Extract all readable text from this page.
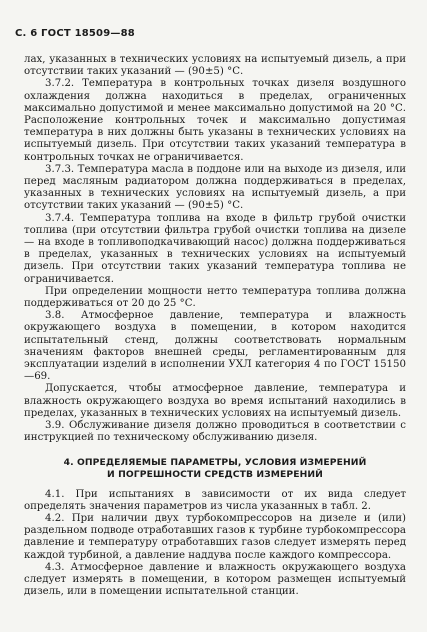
С. 6 ГОСТ 18509—88

лах, указанных в технических условиях на испытуемый дизель, а при отсутствии таких указаний — (90±5) °С.

3.7.2. Температура в контрольных точках дизеля воздушного охлаждения должна находиться в пределах, ограниченных максимально допустимой и менее максимально допустимой на 20 °С. Расположение контрольных точек и максимально допустимая температура в них должны быть указаны в технических условиях на испытуемый дизель. При отсутствии таких указаний температура в контрольных точках не ограничивается.

3.7.3. Температура масла в поддоне или на выходе из дизеля, или перед масляным радиатором должна поддерживаться в пределах, указанных в технических условиях на испытуемый дизель, а при отсутствии таких указаний — (90±5) °С.

3.7.4. Температура топлива на входе в фильтр грубой очистки топлива (при отсутствии фильтра грубой очистки топлива на дизеле — на входе в топливоподкачивающий насос) должна поддерживаться в пределах, указанных в технических условиях на испытуемый дизель. При отсутствии таких указаний температура топлива не ограничивается.

При определении мощности нетто температура топлива должна поддерживаться от 20 до 25 °С.

3.8. Атмосферное давление, температура и влажность окружающего воздуха в помещении, в котором находится испытательный стенд, должны соответствовать нормальным значениям факторов внешней среды, регламентированным для эксплуатации изделий в исполнении УХЛ категория 4 по ГОСТ 15150—69.

Допускается, чтобы атмосферное давление, температура и влажность окружающего воздуха во время испытаний находились в пределах, указанных в технических условиях на испытуемый дизель.

3.9. Обслуживание дизеля должно проводиться в соответствии с инструкцией по техническому обслуживанию дизеля.

4. ОПРЕДЕЛЯЕМЫЕ ПАРАМЕТРЫ, УСЛОВИЯ ИЗМЕРЕНИЙ
И ПОГРЕШНОСТИ СРЕДСТВ ИЗМЕРЕНИЙ

4.1. При испытаниях в зависимости от их вида следует определять значения параметров из числа указанных в табл. 2.

4.2. При наличии двух турбокомпрессоров на дизеле и (или) раздельном подводе отработавших газов к турбине турбокомпрессора давление и температуру отработавших газов следует измерять перед каждой турбиной, а давление наддува после каждого компрессора.

4.3. Атмосферное давление и влажность окружающего воздуха следует измерять в помещении, в котором размещен испытуемый дизель, или в помещении испытательной станции.
